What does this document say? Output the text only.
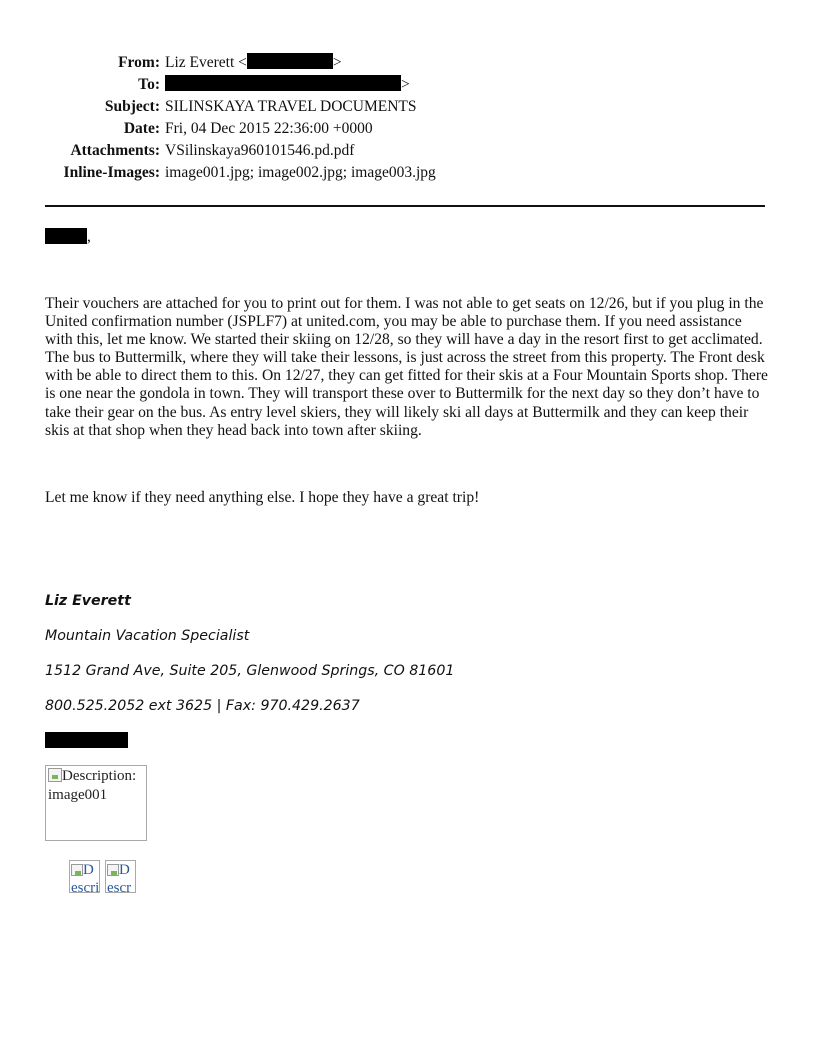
From: Liz Everett <	>
To:	>
Subject: SILINSKAYA TRAVEL DOCUMENTS
Date: Fri, 04 Dec 2015 22:36:00 +0000
Attachments: VSilinskaya960101546.pd.pdf
Inline-Images: image001.jpg; image002.jpg; image003.jpg
,
Their vouchers are attached for you to print out for them. I was not able to get seats on 12/26, but if you plug in the United confirmation number (JSPLF7) at united.com, you may be able to purchase them. If you need assistance with this, let me know. We started their skiing on 12/28, so they will have a day in the resort first to get acclimated. The bus to Buttermilk, where they will take their lessons, is just across the street from this property. The Front desk with be able to direct them to this. On 12/27, they can get fitted for their skis at a Four Mountain Sports shop. There is one near the gondola in town. They will transport these over to Buttermilk for the next day so they don’t have to take their gear on the bus. As entry level skiers, they will likely ski all days at Buttermilk and they can keep their skis at that shop when they head back into town after skiing.
Let me know if they need anything else. I hope they have a great trip!
Liz Everett
Mountain Vacation Specialist
1512 Grand Ave, Suite 205, Glenwood Springs, CO 81601
800.525.2052 ext 3625 | Fax: 970.429.2637
Description: image001
Descri
Descr
